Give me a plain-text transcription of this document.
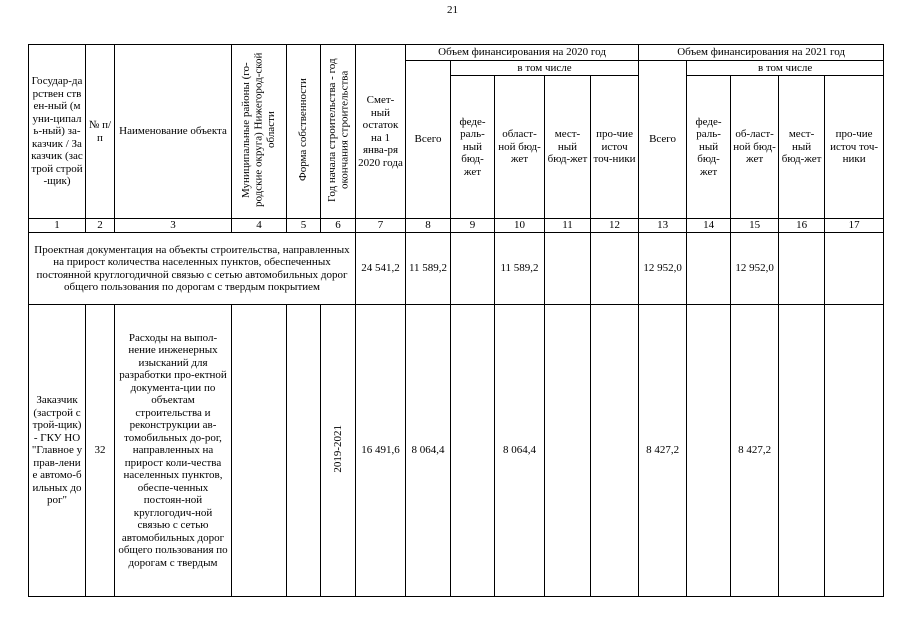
21
Государ-дарствен ствен-ный (муни-ципаль-ный) за-казчик / Заказчик (застрой строй-щик)	№ п/п	Наименование объекта	Муниципальные районы (го-родские округа) Нижегород-ской области	Форма собственности	Год начала строительства - год окончания строительства	Смет-ный остаток на 1 янва-ря 2020 года	Объем финансирования на 2020 год					Объем финансирования на 2021 год				
							Всего	в том числе				Всего	в том числе			
								феде-раль-ный бюд-жет	област-ной бюд-жет	мест-ный бюд-жет	про-чие источ точ-ники		феде-раль-ный бюд-жет	об-ласт-ной бюд-жет	мест-ный бюд-жет	про-чие источ точ-ники
1	2	3	4	5	6	7	8	9	10	11	12	13	14	15	16	17
Проектная документация на объекты строительства, направленных на прирост количества населенных пунктов, обеспеченных постоянной круглогодичной связью с сетью автомобильных дорог общего пользования по дорогам с твердым покрытием						24 541,2	11 589,2		11 589,2			12 952,0		12 952,0		
Заказчик (застрой строй-щик) - ГКУ НО "Главное управ-ление автомо-бильных дорог"	32	Расходы на выпол-нение инженерных изысканий для разработки про-ектной документа-ции по объектам строительства и реконструкции ав-томобильных до-рог, направленных на прирост коли-чества населенных пунктов, обеспе-ченных постоян-ной круглогодич-ной связью с сетью автомобильных дорог общего пользования по дорогам с твердым			2019-2021	16 491,6	8 064,4		8 064,4			8 427,2		8 427,2		
